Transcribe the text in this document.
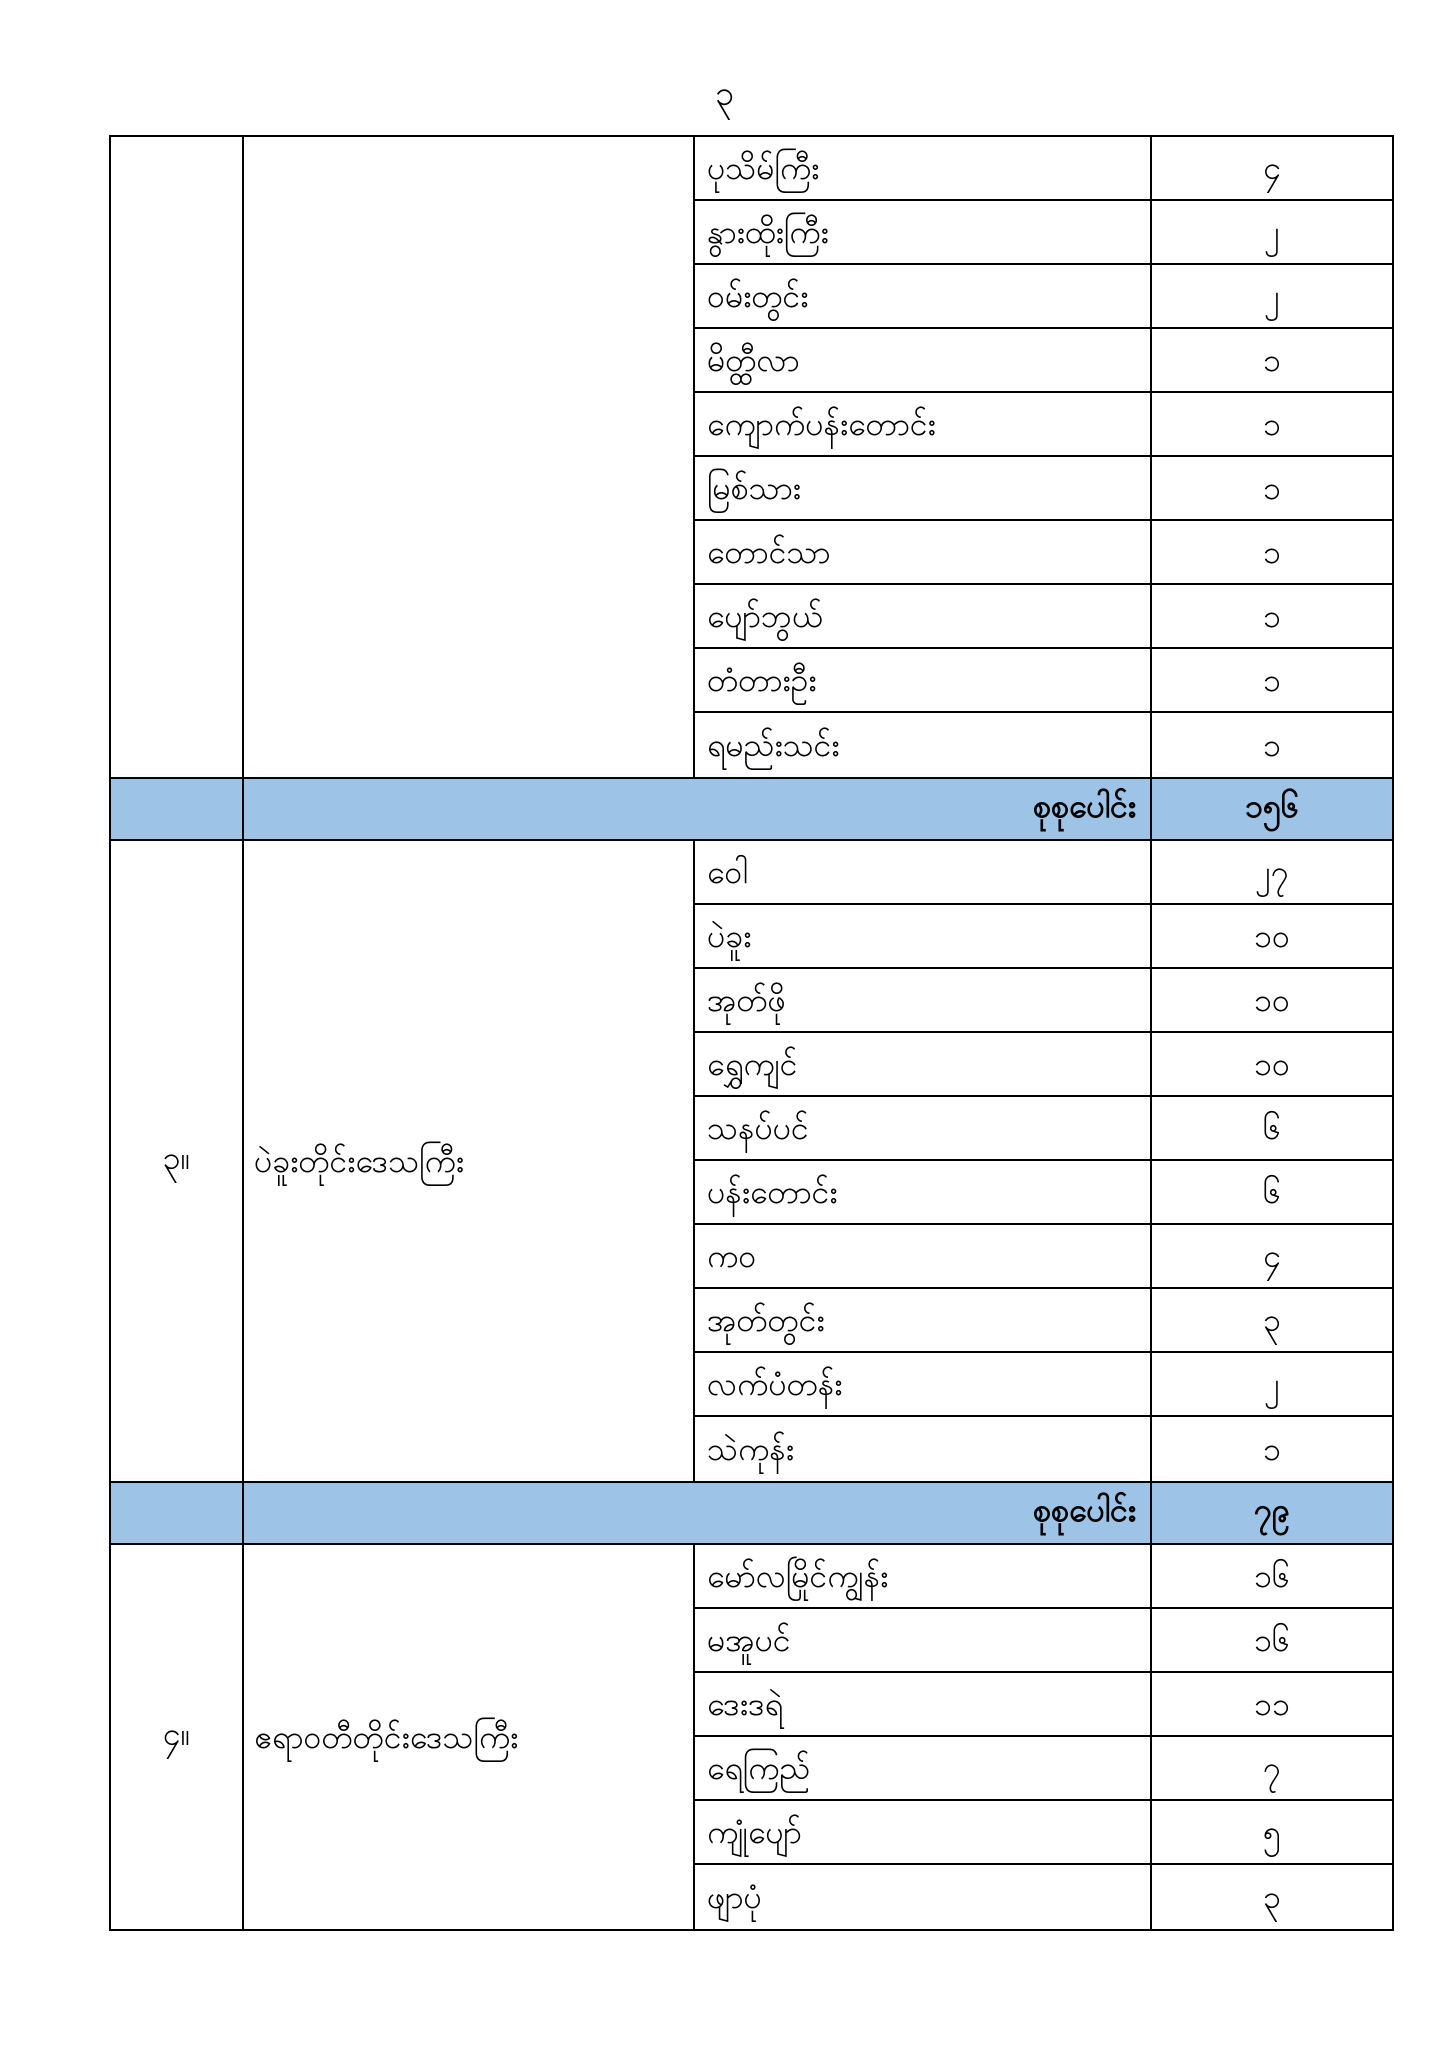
၃
ပုသိမ်ကြီး	၄
နွားထိုးကြီး	၂
ဝမ်းတွင်း	၂
မိတ္ထီလာ	၁
ကျောက်ပန်းတောင်း	၁
မြစ်သား	၁
တောင်သာ	၁
ပျော်ဘွယ်	၁
တံတားဦး	၁
ရမည်းသင်း	၁
စုစုပေါင်း	၁၅၆
၃။	ပဲခူးတိုင်းဒေသကြီး
ဝေါ	၂၇
ပဲခူး	၁၀
အုတ်ဖို	၁၀
ရွှေကျင်	၁၀
သနပ်ပင်	၆
ပန်းတောင်း	၆
ကဝ	၄
အုတ်တွင်း	၃
လက်ပံတန်း	၂
သဲကုန်း	၁
စုစုပေါင်း	၇၉
၄။	ဧရာဝတီတိုင်းဒေသကြီး
မော်လမြိုင်ကျွန်း	၁၆
မအူပင်	၁၆
ဒေးဒရဲ	၁၁
ရေကြည်	၇
ကျုံပျော်	၅
ဖျာပုံ	၃
